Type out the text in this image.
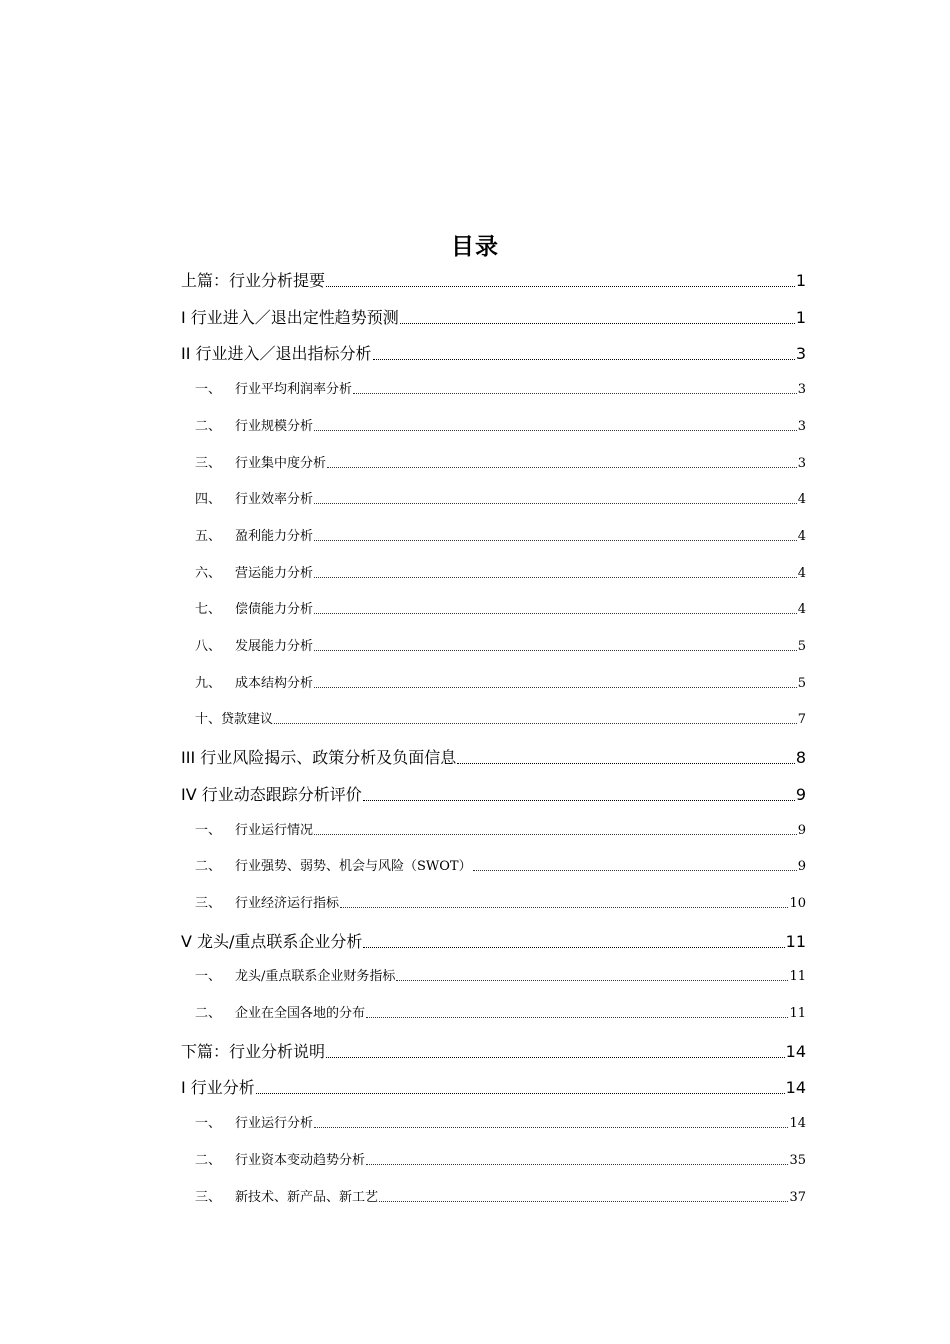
目录
上篇：行业分析提要	1
I 行业进入／退出定性趋势预测	1
II 行业进入／退出指标分析	3
一、 行业平均利润率分析	3
二、 行业规模分析	3
三、 行业集中度分析	3
四、 行业效率分析	4
五、 盈利能力分析	4
六、 营运能力分析	4
七、 偿债能力分析	4
八、 发展能力分析	5
九、 成本结构分析	5
十、贷款建议	7
III 行业风险揭示、政策分析及负面信息	8
IV 行业动态跟踪分析评价	9
一、 行业运行情况	9
二、 行业强势、弱势、机会与风险（SWOT）	9
三、 行业经济运行指标	10
V 龙头/重点联系企业分析	11
一、 龙头/重点联系企业财务指标	11
二、 企业在全国各地的分布	11
下篇：行业分析说明	14
I 行业分析	14
一、 行业运行分析	14
二、 行业资本变动趋势分析	35
三、 新技术、新产品、新工艺	37
